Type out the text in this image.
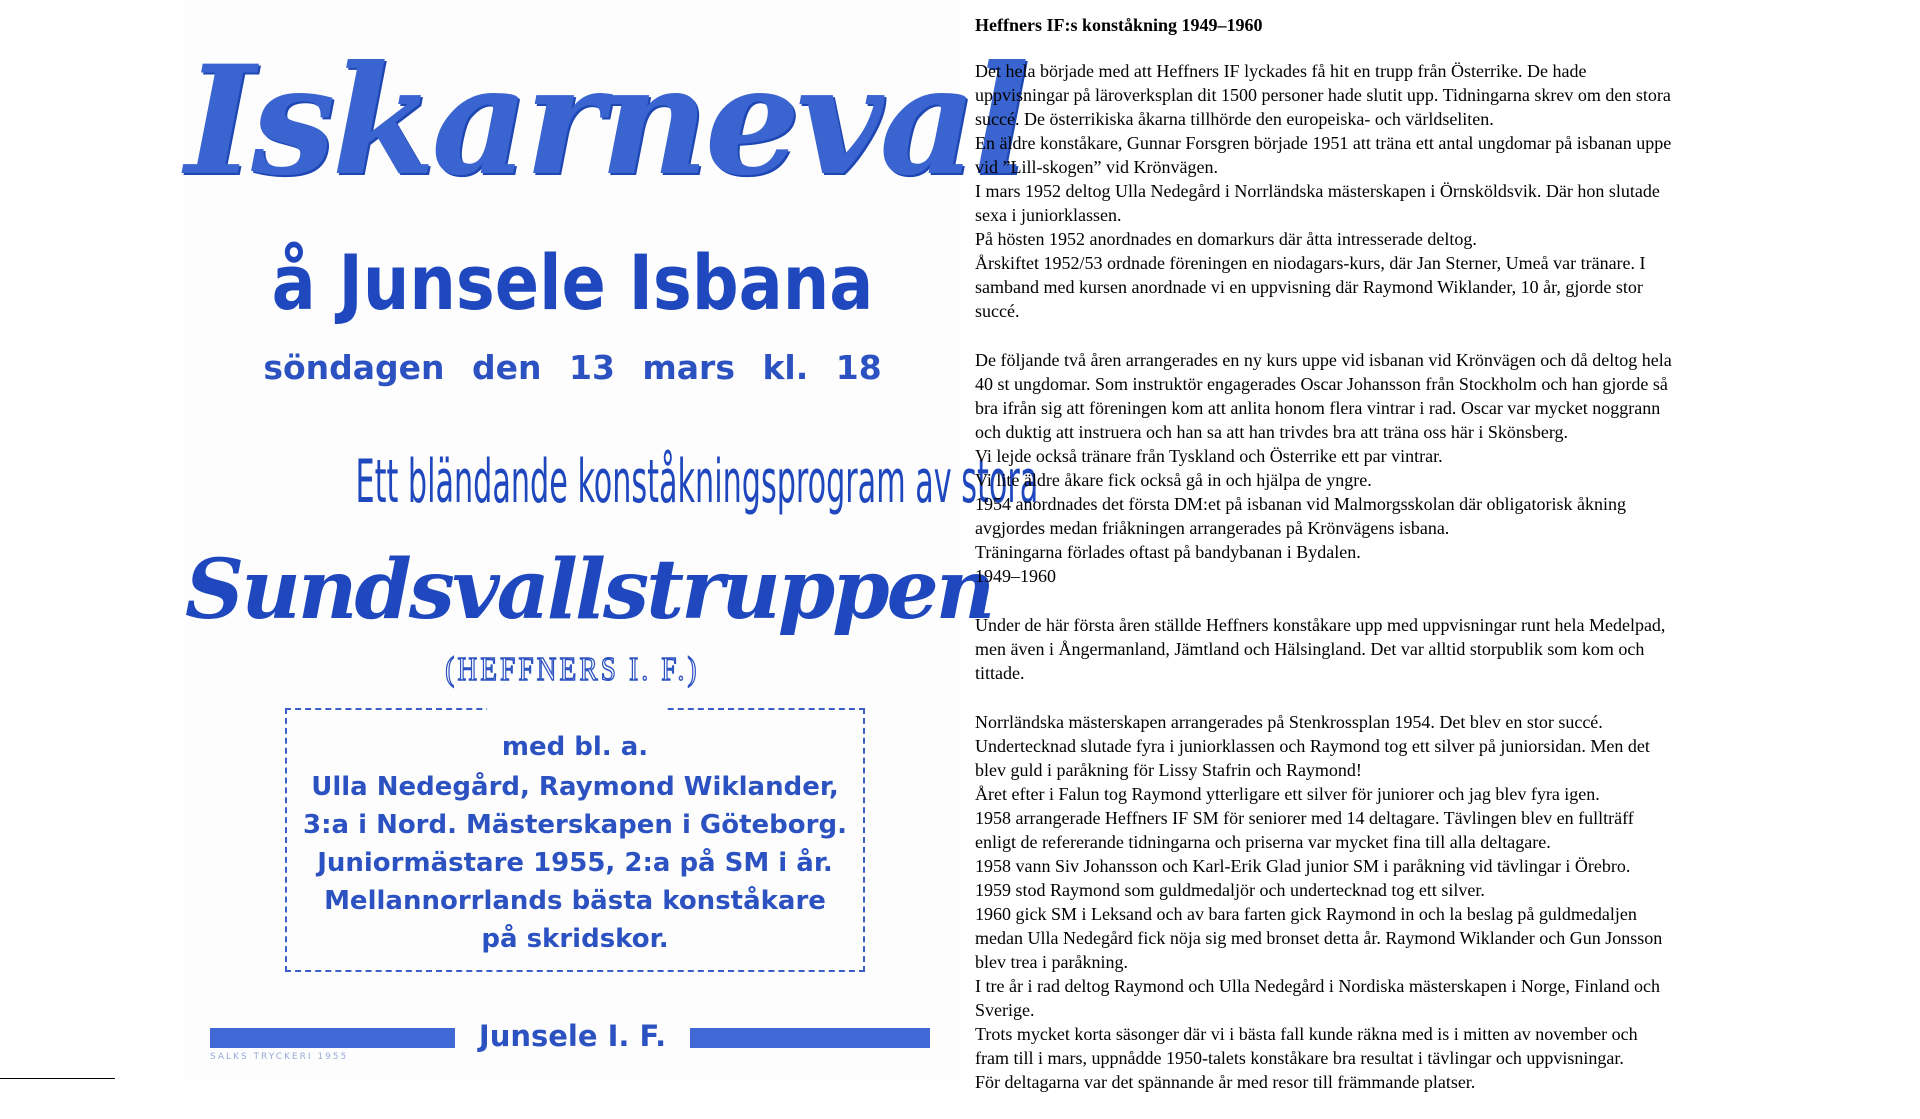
Iskarneval
å Junsele Isbana
söndagen den 13 mars kl. 18
Ett bländande konståkningsprogram av stora
Sundsvallstruppen
(HEFFNERS I. F.)
med bl. a.
Ulla Nedegård, Raymond Wiklander,
3:a i Nord. Mästerskapen i Göteborg.
Juniormästare 1955, 2:a på SM i år.
Mellannorrlands bästa konståkare
på skridskor.
Junsele I. F.
SALKS TRYCKERI 1955
Heffners IF:s konståkning 1949–1960
Det hela började med att Heffners IF lyckades få hit en trupp från Österrike. De hade
uppvisningar på läroverksplan dit 1500 personer hade slutit upp. Tidningarna skrev om den stora
succé. De österrikiska åkarna tillhörde den europeiska- och världseliten.
En äldre konståkare, Gunnar Forsgren började 1951 att träna ett antal ungdomar på isbanan uppe
vid ”Lill-skogen” vid Krönvägen.
I mars 1952 deltog Ulla Nedegård i Norrländska mästerskapen i Örnsköldsvik. Där hon slutade
sexa i juniorklassen.
På hösten 1952 anordnades en domarkurs där åtta intresserade deltog.
Årskiftet 1952/53 ordnade föreningen en niodagars-kurs, där Jan Sterner, Umeå var tränare. I
samband med kursen anordnade vi en uppvisning där Raymond Wiklander, 10 år, gjorde stor
succé.
De följande två åren arrangerades en ny kurs uppe vid isbanan vid Krönvägen och då deltog hela
40 st ungdomar. Som instruktör engagerades Oscar Johansson från Stockholm och han gjorde så
bra ifrån sig att föreningen kom att anlita honom flera vintrar i rad. Oscar var mycket noggrann
och duktig att instruera och han sa att han trivdes bra att träna oss här i Skönsberg.
Vi lejde också tränare från Tyskland och Österrike ett par vintrar.
Vi lite äldre åkare fick också gå in och hjälpa de yngre.
1954 anordnades det första DM:et på isbanan vid Malmorgsskolan där obligatorisk åkning
avgjordes medan friåkningen arrangerades på Krönvägens isbana.
Träningarna förlades oftast på bandybanan i Bydalen.
1949–1960
Under de här första åren ställde Heffners konståkare upp med uppvisningar runt hela Medelpad,
men även i Ångermanland, Jämtland och Hälsingland. Det var alltid storpublik som kom och
tittade.
Norrländska mästerskapen arrangerades på Stenkrossplan 1954. Det blev en stor succé.
Undertecknad slutade fyra i juniorklassen och Raymond tog ett silver på juniorsidan. Men det
blev guld i paråkning för Lissy Stafrin och Raymond!
Året efter i Falun tog Raymond ytterligare ett silver för juniorer och jag blev fyra igen.
1958 arrangerade Heffners IF SM för seniorer med 14 deltagare. Tävlingen blev en fullträff
enligt de refererande tidningarna och priserna var mycket fina till alla deltagare.
1958 vann Siv Johansson och Karl-Erik Glad junior SM i paråkning vid tävlingar i Örebro.
1959 stod Raymond som guldmedaljör och undertecknad tog ett silver.
1960 gick SM i Leksand och av bara farten gick Raymond in och la beslag på guldmedaljen
medan Ulla Nedegård fick nöja sig med bronset detta år. Raymond Wiklander och Gun Jonsson
blev trea i paråkning.
I tre år i rad deltog Raymond och Ulla Nedegård i Nordiska mästerskapen i Norge, Finland och
Sverige.
Trots mycket korta säsonger där vi i bästa fall kunde räkna med is i mitten av november och
fram till i mars, uppnådde 1950-talets konståkare bra resultat i tävlingar och uppvisningar.
För deltagarna var det spännande år med resor till främmande platser.
